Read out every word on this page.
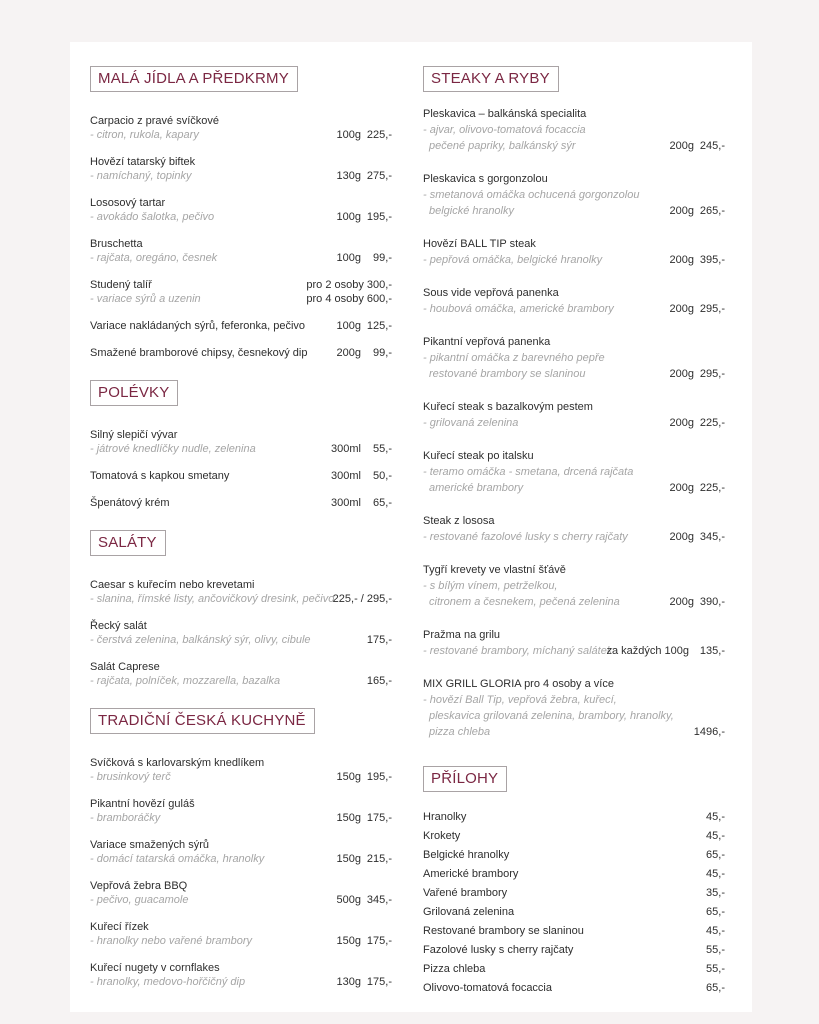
MALÁ JÍDLA A PŘEDKRMY
Carpacio z pravé svíčkové
- citron, rukola, kapary	100g 225,-
Hovězí tatarský biftek
- namíchaný, topinky	130g 275,-
Lososový tartar
- avokádo šalotka, pečivo	100g 195,-
Bruschetta
- rajčata, oregáno, česnek	100g	99,-
Studený talíř
- variace sýrů a uzenin
pro 2 osoby 300,-
pro 4 osoby 600,-
Variace nakládaných sýrů, feferonka, pečivo	100g 125,-
Smažené bramborové chipsy, česnekový dip	200g	99,-
POLÉVKY
Silný slepičí vývar
- játrové knedlíčky nudle, zelenina	300ml	55,-
Tomatová s kapkou smetany	300ml	50,-
Špenátový krém	300ml	65,-
SALÁTY
Caesar s kuřecím nebo krevetami
- slanina, římské listy, ančovičkový dresink, pečivo
225,- / 295,-
Řecký salát
- čerstvá zelenina, balkánský sýr, olivy, cibule	175,-
Salát Caprese
- rajčata, polníček, mozzarella, bazalka	165,-
TRADIČNÍ ČESKÁ KUCHYNĚ
Svíčková s karlovarským knedlíkem
- brusinkový terč	150g 195,-
Pikantní hovězí guláš
- bramboráčky	150g 175,-
Variace smažených sýrů
- domácí tatarská omáčka, hranolky	150g 215,-
Vepřová žebra BBQ
- pečivo, guacamole	500g 345,-
Kuřecí řízek
- hranolky nebo vařené brambory	150g 175,-
Kuřecí nugety v cornflakes
- hranolky, medovo-hořčičný dip	130g 175,-
STEAKY A RYBY
Pleskavica – balkánská specialita
- ajvar, olivovo-tomatová focaccia
pečené papriky, balkánský sýr	200g 245,-
Pleskavica s gorgonzolou
- smetanová omáčka ochucená gorgonzolou
belgické hranolky	200g 265,-
Hovězí BALL TIP steak
- pepřová omáčka, belgické hranolky	200g 395,-
Sous vide vepřová panenka
- houbová omáčka, americké brambory	200g 295,-
Pikantní vepřová panenka
- pikantní omáčka z barevného pepře
restované brambory se slaninou	200g 295,-
Kuřecí steak s bazalkovým pestem
- grilovaná zelenina	200g 225,-
Kuřecí steak po italsku
- teramo omáčka - smetana, drcená rajčata
americké brambory	200g 225,-
Steak z lososa
- restované fazolové lusky s cherry rajčaty	200g 345,-
Tygří krevety ve vlastní šťávě
- s bílým vínem, petrželkou,
citronem a česnekem, pečená zelenina	200g 390,-
Pražma na grilu
- restované brambory, míchaný salátek
za každých 100g 135,-
MIX GRILL GLORIA pro 4 osoby a více
- hovězí Ball Tip, vepřová žebra, kuřecí,
pleskavica grilovaná zelenina, brambory, hranolky,
pizza chleba	1496,-
PŘÍLOHY
Hranolky	45,-
Krokety	45,-
Belgické hranolky	65,-
Americké brambory	45,-
Vařené brambory	35,-
Grilovaná zelenina	65,-
Restované brambory se slaninou	45,-
Fazolové lusky s cherry rajčaty	55,-
Pizza chleba	55,-
Olivovo-tomatová focaccia	65,-
